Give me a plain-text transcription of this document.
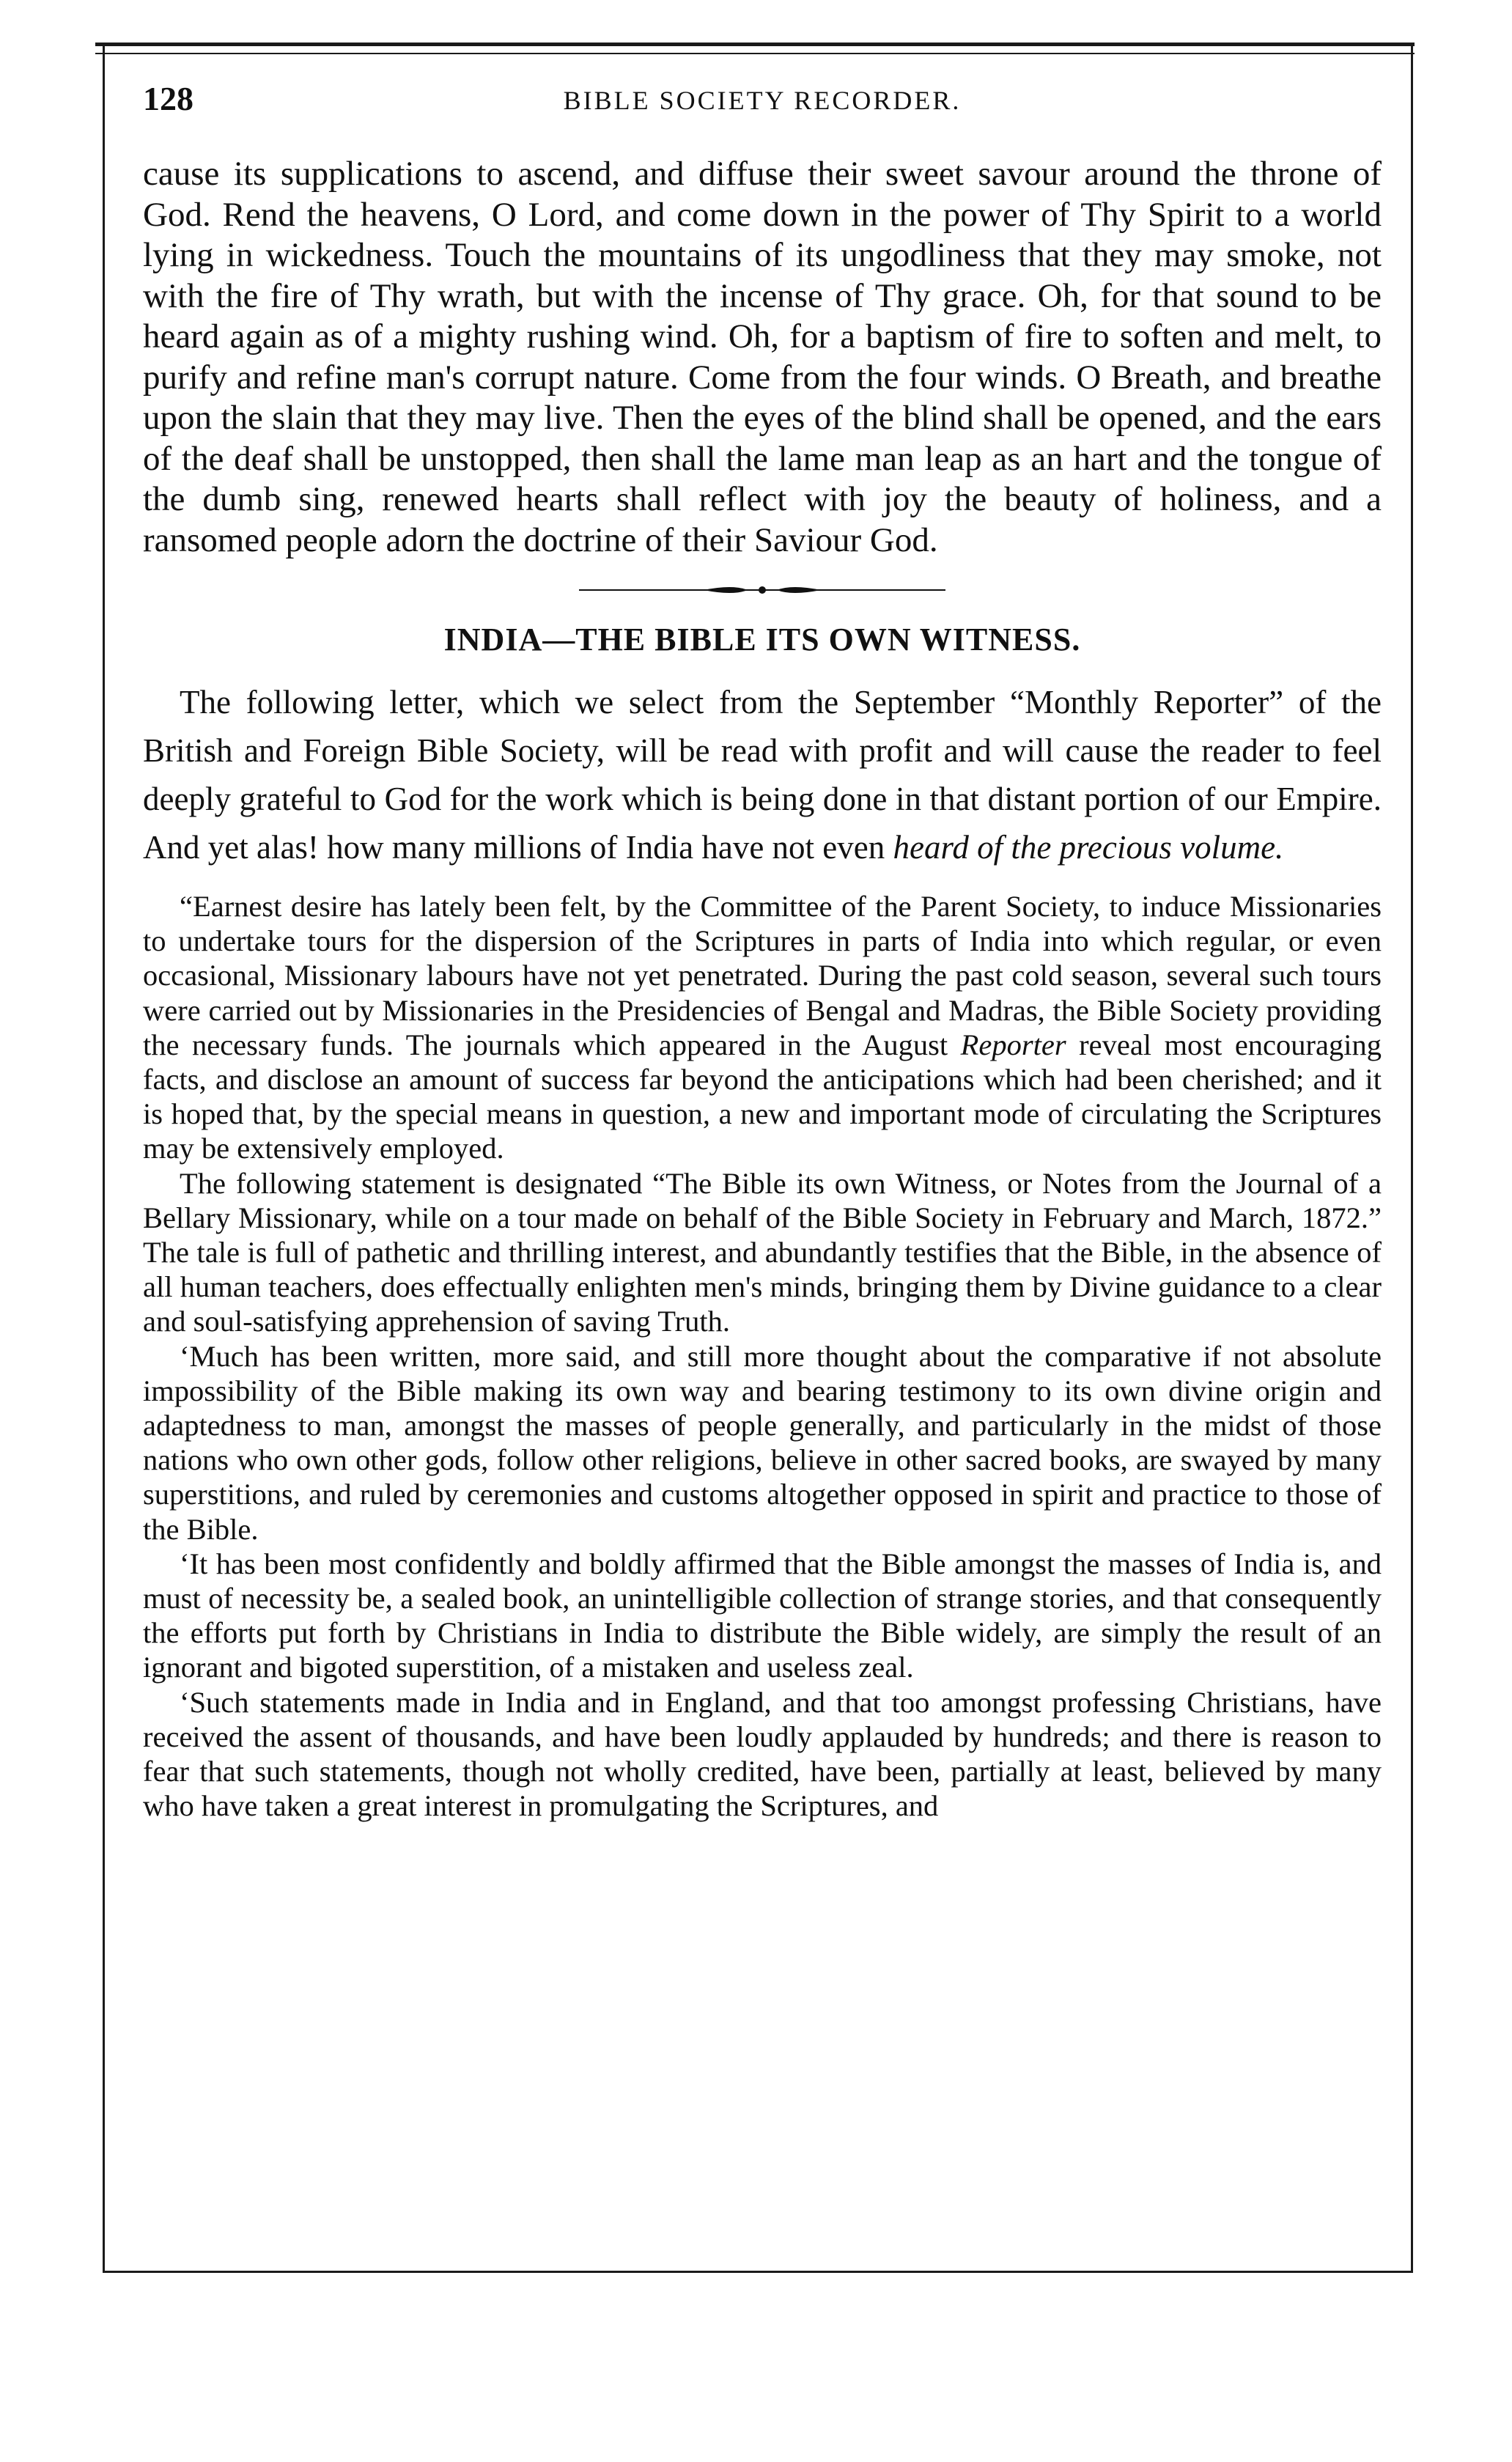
128	BIBLE SOCIETY RECORDER.

cause its supplications to ascend, and diffuse their sweet savour around the throne of God. Rend the heavens, O Lord, and come down in the power of Thy Spirit to a world lying in wickedness. Touch the mountains of its ungodliness that they may smoke, not with the fire of Thy wrath, but with the incense of Thy grace. Oh, for that sound to be heard again as of a mighty rushing wind. Oh, for a baptism of fire to soften and melt, to purify and refine man's corrupt nature. Come from the four winds. O Breath, and breathe upon the slain that they may live. Then the eyes of the blind shall be opened, and the ears of the deaf shall be unstopped, then shall the lame man leap as an hart and the tongue of the dumb sing, renewed hearts shall reflect with joy the beauty of holiness, and a ransomed people adorn the doctrine of their Saviour God.

INDIA—THE BIBLE ITS OWN WITNESS.

The following letter, which we select from the September “Monthly Reporter” of the British and Foreign Bible Society, will be read with profit and will cause the reader to feel deeply grateful to God for the work which is being done in that distant portion of our Empire. And yet alas! how many millions of India have not even heard of the precious volume.

“Earnest desire has lately been felt, by the Committee of the Parent Society, to induce Missionaries to undertake tours for the dispersion of the Scriptures in parts of India into which regular, or even occasional, Missionary labours have not yet penetrated. During the past cold season, several such tours were carried out by Missionaries in the Presidencies of Bengal and Madras, the Bible Society providing the necessary funds. The journals which appeared in the August Reporter reveal most encouraging facts, and disclose an amount of success far beyond the anticipations which had been cherished; and it is hoped that, by the special means in question, a new and important mode of circulating the Scriptures may be extensively employed.

The following statement is designated “The Bible its own Witness, or Notes from the Journal of a Bellary Missionary, while on a tour made on behalf of the Bible Society in February and March, 1872.” The tale is full of pathetic and thrilling interest, and abundantly testifies that the Bible, in the absence of all human teachers, does effectually enlighten men's minds, bringing them by Divine guidance to a clear and soul-satisfying apprehension of saving Truth.

‘Much has been written, more said, and still more thought about the comparative if not absolute impossibility of the Bible making its own way and bearing testimony to its own divine origin and adaptedness to man, amongst the masses of people generally, and particularly in the midst of those nations who own other gods, follow other religions, believe in other sacred books, are swayed by many superstitions, and ruled by ceremonies and customs altogether opposed in spirit and practice to those of the Bible.

‘It has been most confidently and boldly affirmed that the Bible amongst the masses of India is, and must of necessity be, a sealed book, an unintelligible collection of strange stories, and that consequently the efforts put forth by Christians in India to distribute the Bible widely, are simply the result of an ignorant and bigoted superstition, of a mistaken and useless zeal.

‘Such statements made in India and in England, and that too amongst professing Christians, have received the assent of thousands, and have been loudly applauded by hundreds; and there is reason to fear that such statements, though not wholly credited, have been, partially at least, believed by many who have taken a great interest in promulgating the Scriptures, and
